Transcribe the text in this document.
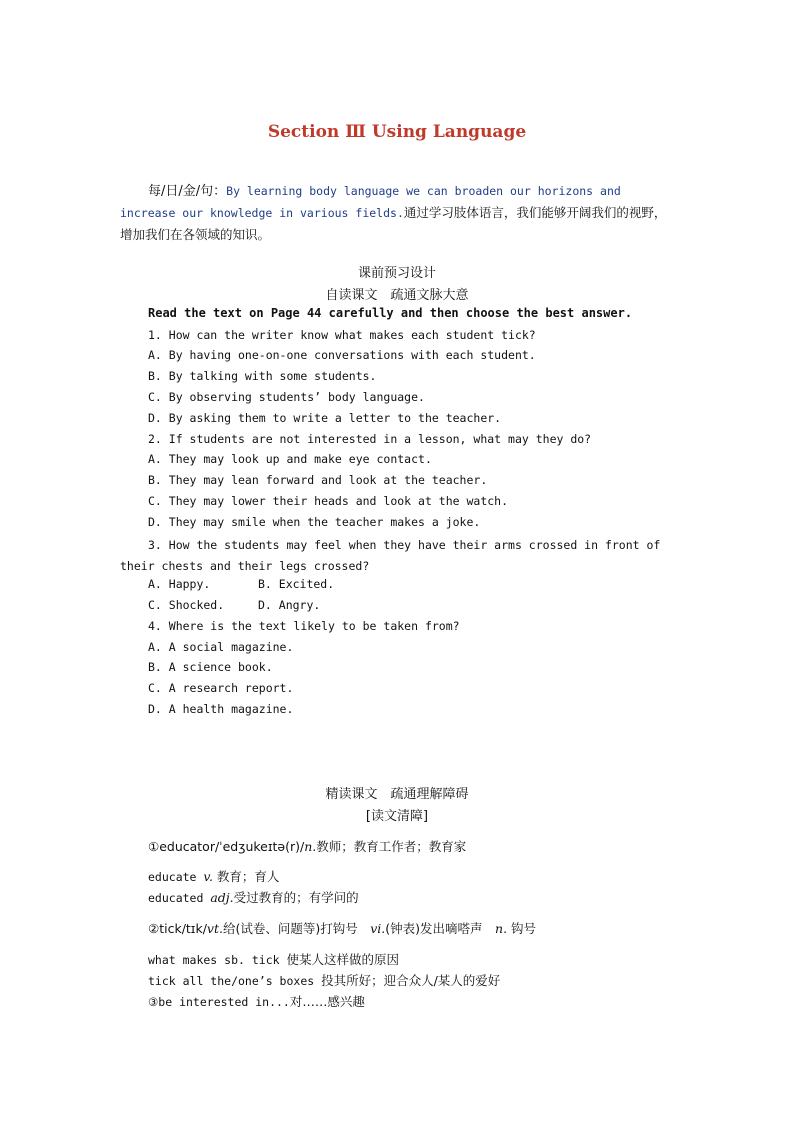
Section Ⅲ Using Language
每/日/金/句：By learning body language we can broaden our horizons and increase our knowledge in various fields.通过学习肢体语言，我们能够开阔我们的视野，增加我们在各领域的知识。
课前预习设计
自读课文　疏通文脉大意
Read the text on Page 44 carefully and then choose the best answer.
1. How can the writer know what makes each student tick?
A. By having one-on-one conversations with each student.
B. By talking with some students.
C. By observing students’ body language.
D. By asking them to write a letter to the teacher.
2. If students are not interested in a lesson, what may they do?
A. They may look up and make eye contact.
B. They may lean forward and look at the teacher.
C. They may lower their heads and look at the watch.
D. They may smile when the teacher makes a joke.
3. How the students may feel when they have their arms crossed in front of their chests and their legs crossed?
A. Happy.	B. Excited.
C. Shocked.	D. Angry.
4. Where is the text likely to be taken from?
A. A social magazine.
B. A science book.
C. A research report.
D. A health magazine.
精读课文　疏通理解障碍
[读文清障]
①educator/ˈedʒukeɪtə(r)/n.教师；教育工作者；教育家
educate v. 教育；育人
educated adj.受过教育的；有学问的
②tick/tɪk/vt.给(试卷、问题等)打钩号　vi.(钟表)发出嘀嗒声　n. 钩号
what makes sb. tick 使某人这样做的原因
tick all the/one’s boxes 投其所好；迎合众人/某人的爱好
③be interested in...对……感兴趣
